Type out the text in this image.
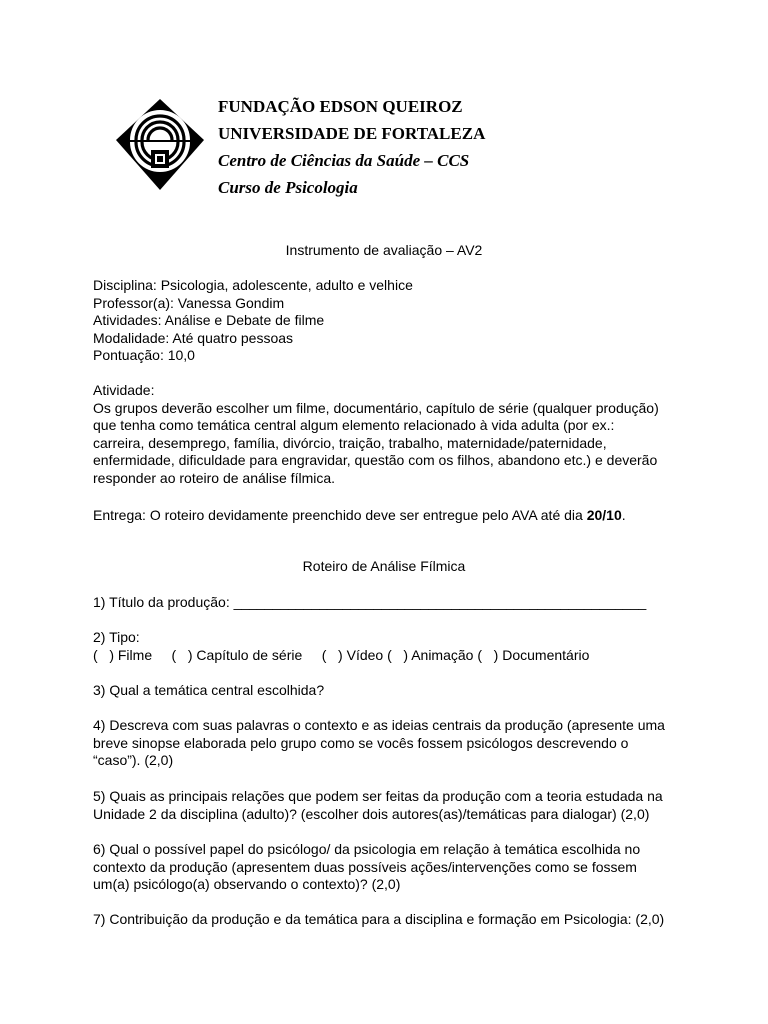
FUNDAÇÃO EDSON QUEIROZ
UNIVERSIDADE DE FORTALEZA
Centro de Ciências da Saúde – CCS
Curso de Psicologia
Instrumento de avaliação – AV2
Disciplina: Psicologia, adolescente, adulto e velhice
Professor(a): Vanessa Gondim
Atividades: Análise e Debate de filme
Modalidade: Até quatro pessoas
Pontuação: 10,0
Atividade:
Os grupos deverão escolher um filme, documentário, capítulo de série (qualquer produção)
que tenha como temática central algum elemento relacionado à vida adulta (por ex.:
carreira, desemprego, família, divórcio, traição, trabalho, maternidade/paternidade,
enfermidade, dificuldade para engravidar, questão com os filhos, abandono etc.) e deverão
responder ao roteiro de análise fílmica.
Entrega: O roteiro devidamente preenchido deve ser entregue pelo AVA até dia 20/10.
Roteiro de Análise Fílmica
1) Título da produção: _____________________________________________________
2) Tipo:
(   ) Filme     (   ) Capítulo de série     (   ) Vídeo (   ) Animação (   ) Documentário
3) Qual a temática central escolhida?
4) Descreva com suas palavras o contexto e as ideias centrais da produção (apresente uma
breve sinopse elaborada pelo grupo como se vocês fossem psicólogos descrevendo o
“caso”). (2,0)
5) Quais as principais relações que podem ser feitas da produção com a teoria estudada na
Unidade 2 da disciplina (adulto)? (escolher dois autores(as)/temáticas para dialogar) (2,0)
6) Qual o possível papel do psicólogo/ da psicologia em relação à temática escolhida no
contexto da produção (apresentem duas possíveis ações/intervenções como se fossem
um(a) psicólogo(a) observando o contexto)? (2,0)
7) Contribuição da produção e da temática para a disciplina e formação em Psicologia: (2,0)
